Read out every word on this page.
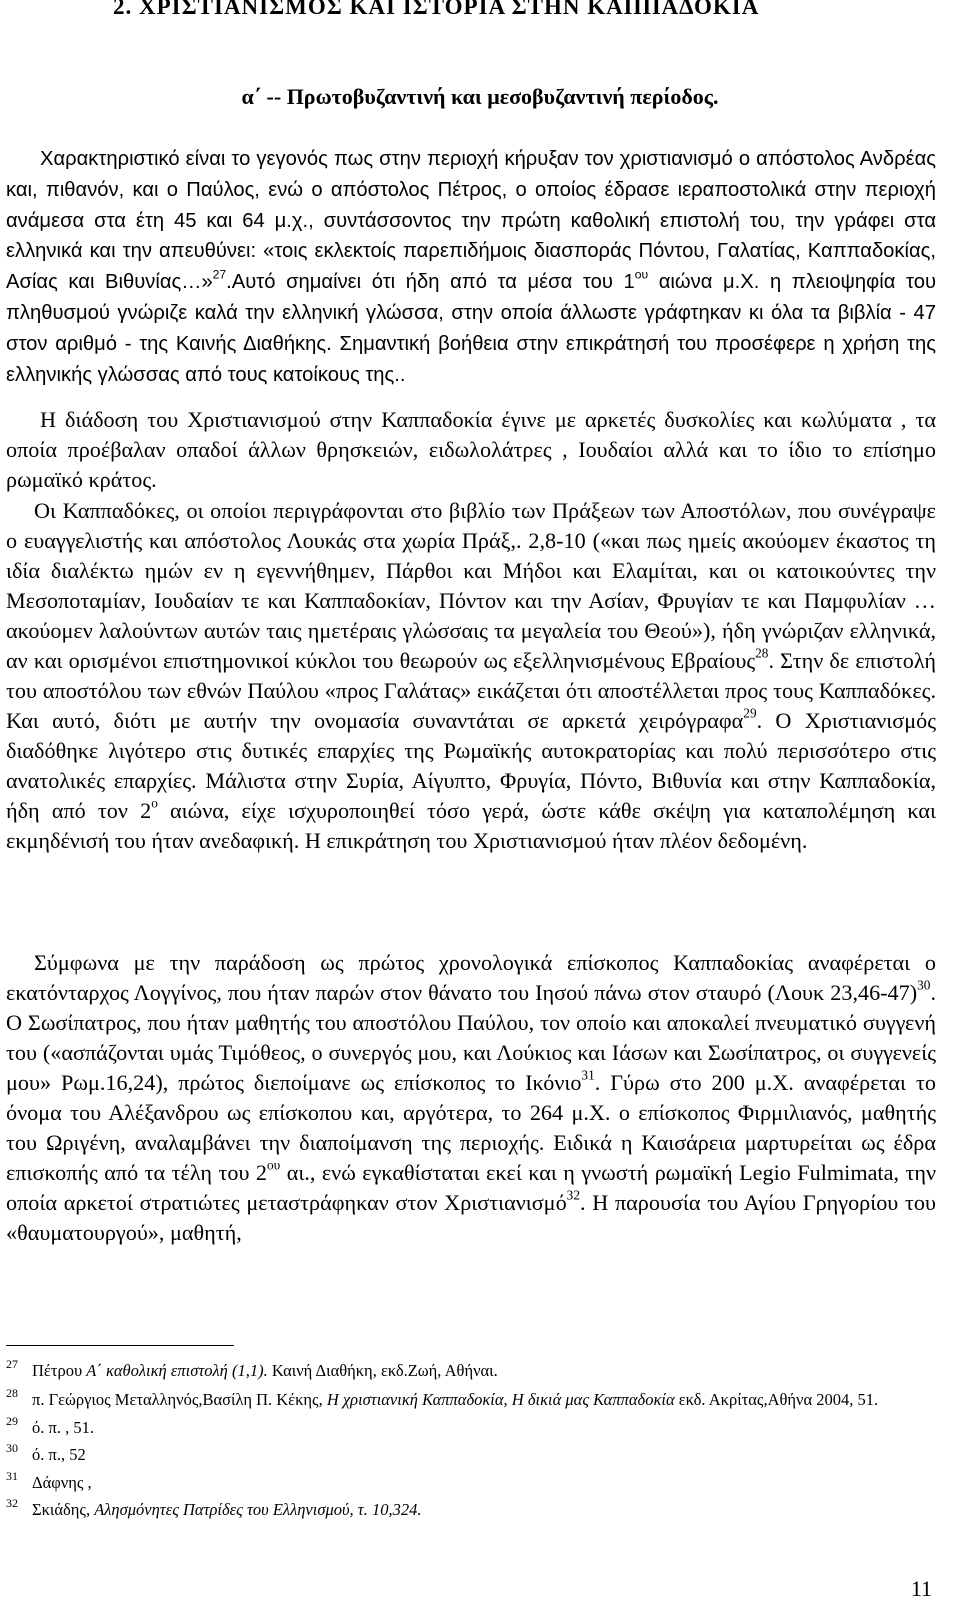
2. ΧΡΙΣΤΙΑΝΙΣΜΟΣ ΚΑΙ ΙΣΤΟΡΙΑ ΣΤΗΝ ΚΑΠΠΑΔΟΚΙΑ
α΄ -- Πρωτοβυζαντινή και μεσοβυζαντινή περίοδος.

Χαρακτηριστικό είναι το γεγονός πως στην περιοχή κήρυξαν τον χριστιανισμό ο απόστολος Ανδρέας και, πιθανόν, και ο Παύλος, ενώ ο απόστολος Πέτρος, ο οποίος έδρασε ιεραποστολικά στην περιοχή ανάμεσα στα έτη 45 και 64 μ.χ., συντάσσοντος την πρώτη καθολική επιστολή του, την γράφει στα ελληνικά και την απευθύνει: «τοις εκλεκτοίς παρεπιδήμοις διασποράς Πόντου, Γαλατίας, Καππαδοκίας, Ασίας και Βιθυνίας…»$^{27}$.Αυτό σημαίνει ότι ήδη από τα μέσα του $1^{o\upsilon}$ αιώνα μ.Χ. η πλειοψηφία του πληθυσμού γνώριζε καλά την ελληνική γλώσσα, στην οποία άλλωστε γράφτηκαν κι όλα τα βιβλία - 47 στον αριθμό - της Καινής Διαθήκης. Σημαντική βοήθεια στην επικράτησή του προσέφερε η χρήση της ελληνικής γλώσσας από τους κατοίκους της..

Η διάδοση του Χριστιανισμού στην Καππαδοκία έγινε με αρκετές δυσκολίες και κωλύματα , τα οποία προέβαλαν οπαδοί άλλων θρησκειών, ειδωλολάτρες , Ιουδαίοι αλλά και το ίδιο το επίσημο ρωμαϊκό κράτος.

Οι Καππαδόκες, οι οποίοι περιγράφονται στο βιβλίο των Πράξεων των Αποστόλων, που συνέγραψε ο ευαγγελιστής και απόστολος Λουκάς στα χωρία Πράξ,. 2,8-10 («και πως ημείς ακούομεν έκαστος τη ιδία διαλέκτω ημών εν η εγεννήθημεν, Πάρθοι και Μήδοι και Ελαμίται, και οι κατοικούντες την Μεσοποταμίαν, Ιουδαίαν τε και Καππαδοκίαν, Πόντον και την Ασίαν, Φρυγίαν τε και Παμφυλίαν …ακούομεν λαλούντων αυτών ταις ημετέραις γλώσσαις τα μεγαλεία του Θεού»), ήδη γνώριζαν ελληνικά, αν και ορισμένοι επιστημονικοί κύκλοι του θεωρούν ως εξελληνισμένους Εβραίους$^{28}$. Στην δε επιστολή του αποστόλου των εθνών Παύλου «προς Γαλάτας» εικάζεται ότι αποστέλλεται προς τους Καππαδόκες. Και αυτό, διότι με αυτήν την ονομασία συναντάται σε αρκετά χειρόγραφα$^{29}$. Ο Χριστιανισμός διαδόθηκε λιγότερο στις δυτικές επαρχίες της Ρωμαϊκής αυτοκρατορίας και πολύ περισσότερο στις ανατολικές επαρχίες. Μάλιστα στην Συρία, Αίγυπτο, Φρυγία, Πόντο, Βιθυνία και στην Καππαδοκία, ήδη από τον $2^o$ αιώνα, είχε ισχυροποιηθεί τόσο γερά, ώστε κάθε σκέψη για καταπολέμηση και εκμηδένισή του ήταν ανεδαφική. Η επικράτηση του Χριστιανισμού ήταν πλέον δεδομένη.

Σύμφωνα με την παράδοση ως πρώτος χρονολογικά επίσκοπος Καππαδοκίας αναφέρεται ο εκατόνταρχος Λογγίνος, που ήταν παρών στον θάνατο του Ιησού πάνω στον σταυρό (Λουκ 23,46-47)$^{30}$. Ο Σωσίπατρος, που ήταν μαθητής του αποστόλου Παύλου, τον οποίο και αποκαλεί πνευματικό συγγενή του («ασπάζονται υμάς Τιμόθεος, ο συνεργός μου, και Λούκιος και Ιάσων και Σωσίπατρος, οι συγγενείς μου» Ρωμ.16,24), πρώτος διεποίμανε ως επίσκοπος το Ικόνιο$^{31}$. Γύρω στο 200 μ.Χ. αναφέρεται το όνομα του Αλέξανδρου ως επίσκοπου και, αργότερα, το 264 μ.Χ. ο επίσκοπος Φιρμιλιανός, μαθητής του Ωριγένη, αναλαμβάνει την διαποίμανση της περιοχής. Ειδικά η Καισάρεια μαρτυρείται ως έδρα επισκοπής από τα τέλη του $2^{o\upsilon}$ αι., ενώ εγκαθίσταται εκεί και η γνωστή ρωμαϊκή Legio Fulmimata, την οποία αρκετοί στρατιώτες μεταστράφηκαν στον Χριστιανισμό$^{32}$. Η παρουσία του Αγίου Γρηγορίου του «θαυματουργού», μαθητή,

27 Πέτρου Α΄ καθολική επιστολή (1,1). Καινή Διαθήκη, εκδ.Ζωή, Αθήναι.
28 π. Γεώργιος Μεταλληνός,Βασίλη Π. Κέκης, Η χριστιανική Καππαδοκία, Η δικιά μας Καππαδοκία εκδ. Ακρίτας,Αθήνα 2004, 51.
29 ό. π. , 51.
30 ό. π., 52
31 Δάφνης ,
32 Σκιάδης, Αλησμόνητες Πατρίδες του Ελληνισμού, τ. 10,324.
11
